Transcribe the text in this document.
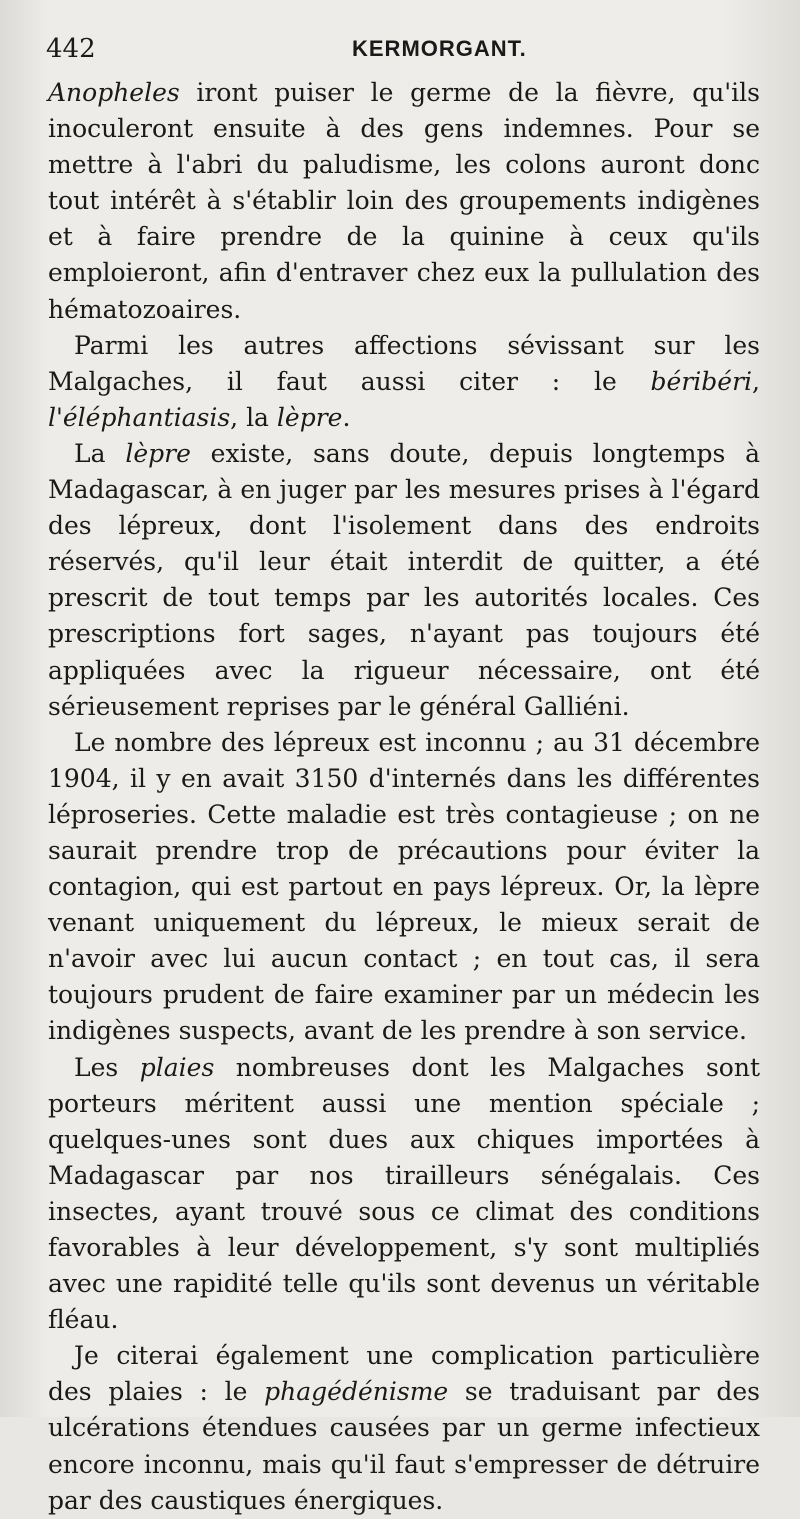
442	KERMORGANT.

Anopheles iront puiser le germe de la fièvre, qu'ils inoculeront ensuite à des gens indemnes. Pour se mettre à l'abri du paludisme, les colons auront donc tout intérêt à s'établir loin des groupements indigènes et à faire prendre de la quinine à ceux qu'ils emploieront, afin d'entraver chez eux la pullulation des hématozoaires.

Parmi les autres affections sévissant sur les Malgaches, il faut aussi citer : le béribéri, l'éléphantiasis, la lèpre.

La lèpre existe, sans doute, depuis longtemps à Madagascar, à en juger par les mesures prises à l'égard des lépreux, dont l'isolement dans des endroits réservés, qu'il leur était interdit de quitter, a été prescrit de tout temps par les autorités locales. Ces prescriptions fort sages, n'ayant pas toujours été appliquées avec la rigueur nécessaire, ont été sérieusement reprises par le général Galliéni.

Le nombre des lépreux est inconnu ; au 31 décembre 1904, il y en avait 3150 d'internés dans les différentes léproseries. Cette maladie est très contagieuse ; on ne saurait prendre trop de précautions pour éviter la contagion, qui est partout en pays lépreux. Or, la lèpre venant uniquement du lépreux, le mieux serait de n'avoir avec lui aucun contact ; en tout cas, il sera toujours prudent de faire examiner par un médecin les indigènes suspects, avant de les prendre à son service.

Les plaies nombreuses dont les Malgaches sont porteurs méritent aussi une mention spéciale ; quelques-unes sont dues aux chiques importées à Madagascar par nos tirailleurs sénégalais. Ces insectes, ayant trouvé sous ce climat des conditions favorables à leur développement, s'y sont multipliés avec une rapidité telle qu'ils sont devenus un véritable fléau.

Je citerai également une complication particulière des plaies : le phagédénisme se traduisant par des ulcérations étendues causées par un germe infectieux encore inconnu, mais qu'il faut s'empresser de détruire par des caustiques énergiques.
